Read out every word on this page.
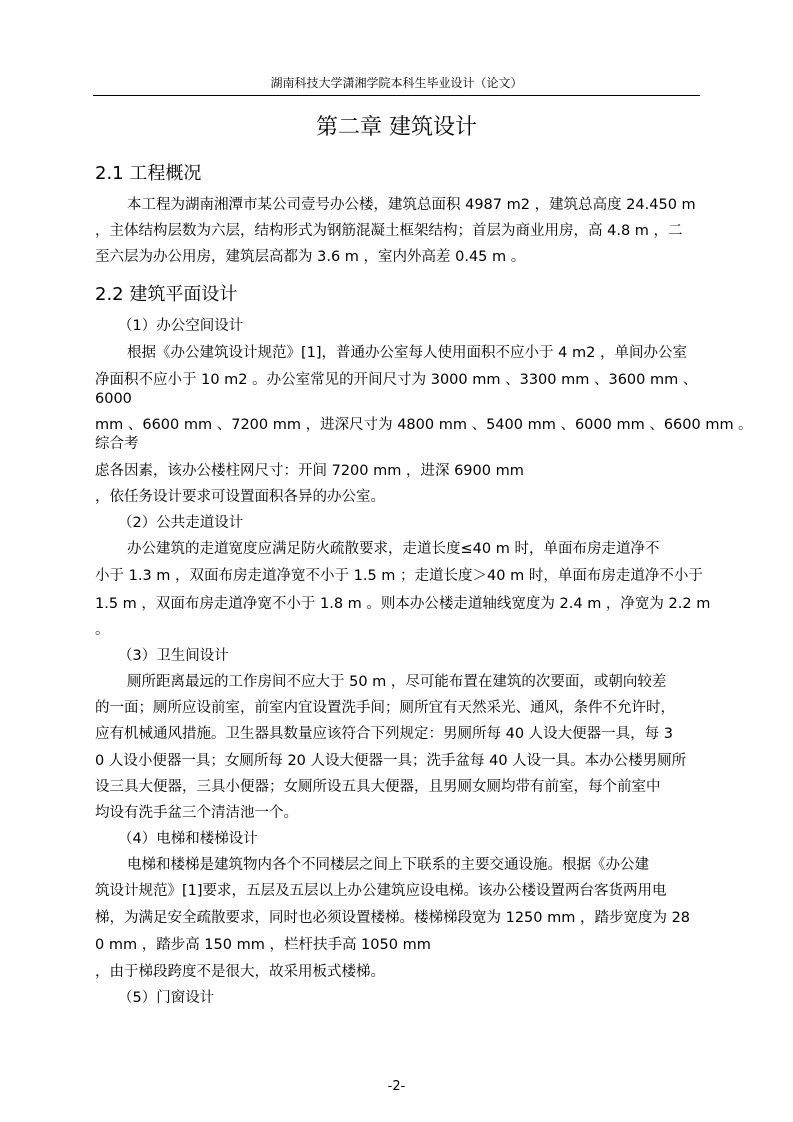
湖南科技大学潇湘学院本科生毕业设计（论文）
第二章 建筑设计
2.1 工程概况
本工程为湖南湘潭市某公司壹号办公楼，建筑总面积 4987 m2 ，建筑总高度 24.450 m
，主体结构层数为六层，结构形式为钢筋混凝土框架结构；首层为商业用房，高 4.8 m ，二
至六层为办公用房，建筑层高都为 3.6 m ，室内外高差 0.45 m 。
2.2 建筑平面设计
（1）办公空间设计
根据《办公建筑设计规范》[1]，普通办公室每人使用面积不应小于 4 m2 ，单间办公室
净面积不应小于 10 m2 。办公室常见的开间尺寸为 3000 mm 、3300 mm 、3600 mm 、
6000
mm 、6600 mm 、7200 mm ，进深尺寸为 4800 mm 、5400 mm 、6000 mm 、6600 mm 。
综合考
虑各因素，该办公楼柱网尺寸：开间 7200 mm ，进深 6900 mm
，依任务设计要求可设置面积各异的办公室。
（2）公共走道设计
办公建筑的走道宽度应满足防火疏散要求，走道长度≤40 m 时，单面布房走道净不
小于 1.3 m ，双面布房走道净宽不小于 1.5 m ；走道长度＞40 m 时，单面布房走道净不小于
1.5 m ，双面布房走道净宽不小于 1.8 m 。则本办公楼走道轴线宽度为 2.4 m ，净宽为 2.2 m
。
（3）卫生间设计
厕所距离最远的工作房间不应大于 50 m ，尽可能布置在建筑的次要面，或朝向较差
的一面；厕所应设前室，前室内宜设置洗手间；厕所宜有天然采光、通风，条件不允许时，
应有机械通风措施。卫生器具数量应该符合下列规定：男厕所每 40 人设大便器一具，每 3
0 人设小便器一具；女厕所每 20 人设大便器一具；洗手盆每 40 人设一具。本办公楼男厕所
设三具大便器，三具小便器；女厕所设五具大便器，且男厕女厕均带有前室，每个前室中
均设有洗手盆三个清洁池一个。
（4）电梯和楼梯设计
电梯和楼梯是建筑物内各个不同楼层之间上下联系的主要交通设施。根据《办公建
筑设计规范》[1]要求，五层及五层以上办公建筑应设电梯。该办公楼设置两台客货两用电
梯，为满足安全疏散要求，同时也必须设置楼梯。楼梯梯段宽为 1250 mm ，踏步宽度为 28
0 mm ，踏步高 150 mm ，栏杆扶手高 1050 mm
，由于梯段跨度不是很大，故采用板式楼梯。
（5）门窗设计
-2-
